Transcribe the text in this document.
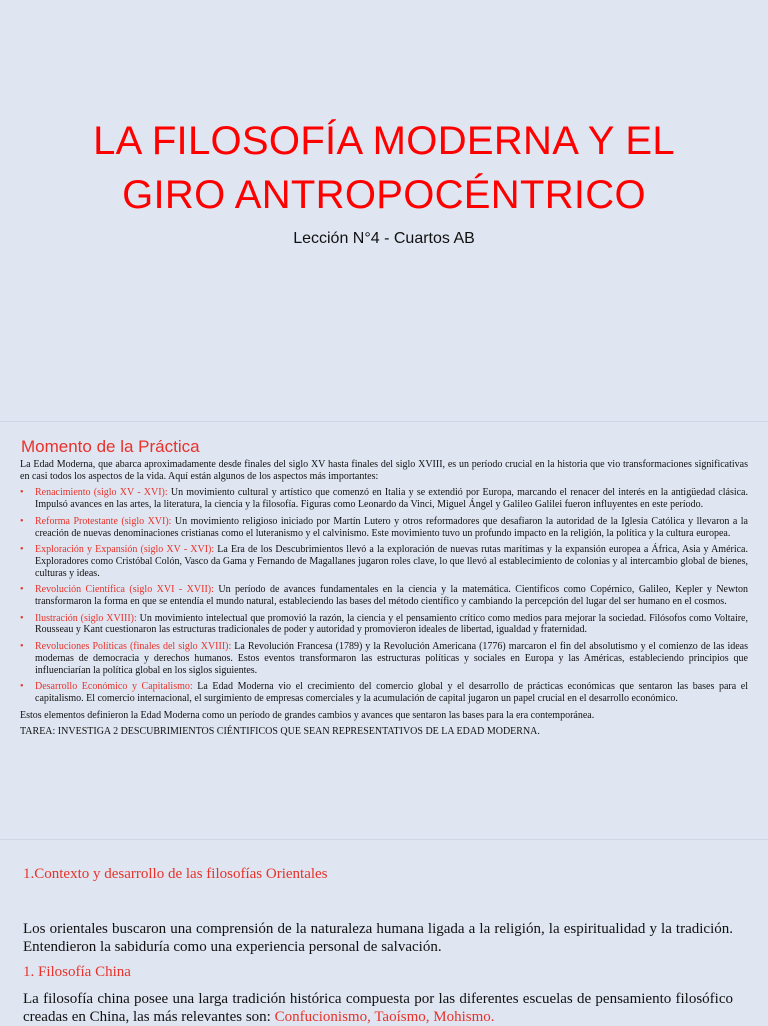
LA FILOSOFÍA MODERNA Y EL
GIRO ANTROPOCÉNTRICO
Lección N°4 - Cuartos AB
Momento de la Práctica

La Edad Moderna, que abarca aproximadamente desde finales del siglo XV hasta finales del siglo XVIII, es un período crucial en la historia que vio transformaciones significativas en casi todos los aspectos de la vida. Aquí están algunos de los aspectos más importantes:

• Renacimiento (siglo XV - XVI): Un movimiento cultural y artístico que comenzó en Italia y se extendió por Europa, marcando el renacer del interés en la antigüedad clásica. Impulsó avances en las artes, la literatura, la ciencia y la filosofía. Figuras como Leonardo da Vinci, Miguel Ángel y Galileo Galilei fueron influyentes en este período.
• Reforma Protestante (siglo XVI): Un movimiento religioso iniciado por Martín Lutero y otros reformadores que desafiaron la autoridad de la Iglesia Católica y llevaron a la creación de nuevas denominaciones cristianas como el luteranismo y el calvinismo. Este movimiento tuvo un profundo impacto en la religión, la política y la cultura europea.
• Exploración y Expansión (siglo XV - XVI): La Era de los Descubrimientos llevó a la exploración de nuevas rutas marítimas y la expansión europea a África, Asia y América. Exploradores como Cristóbal Colón, Vasco da Gama y Fernando de Magallanes jugaron roles clave, lo que llevó al establecimiento de colonias y al intercambio global de bienes, culturas y ideas.
• Revolución Científica (siglo XVI - XVII): Un período de avances fundamentales en la ciencia y la matemática. Científicos como Copérnico, Galileo, Kepler y Newton transformaron la forma en que se entendía el mundo natural, estableciendo las bases del método científico y cambiando la percepción del lugar del ser humano en el cosmos.
• Ilustración (siglo XVIII): Un movimiento intelectual que promovió la razón, la ciencia y el pensamiento crítico como medios para mejorar la sociedad. Filósofos como Voltaire, Rousseau y Kant cuestionaron las estructuras tradicionales de poder y autoridad y promovieron ideales de libertad, igualdad y fraternidad.
• Revoluciones Políticas (finales del siglo XVIII): La Revolución Francesa (1789) y la Revolución Americana (1776) marcaron el fin del absolutismo y el comienzo de las ideas modernas de democracia y derechos humanos. Estos eventos transformaron las estructuras políticas y sociales en Europa y las Américas, estableciendo principios que influenciarían la política global en los siglos siguientes.
• Desarrollo Económico y Capitalismo: La Edad Moderna vio el crecimiento del comercio global y el desarrollo de prácticas económicas que sentaron las bases para el capitalismo. El comercio internacional, el surgimiento de empresas comerciales y la acumulación de capital jugaron un papel crucial en el desarrollo económico.

Estos elementos definieron la Edad Moderna como un período de grandes cambios y avances que sentaron las bases para la era contemporánea.

TAREA: INVESTIGA 2 DESCUBRIMIENTOS CIÉNTIFICOS QUE SEAN REPRESENTATIVOS DE LA EDAD MODERNA.

1.Contexto y desarrollo de las filosofías Orientales
Los orientales buscaron una comprensión de la naturaleza humana ligada a la religión, la espiritualidad y la tradición. Entendieron la sabiduría como una experiencia personal de salvación.
1. Filosofía China
La filosofía china posee una larga tradición histórica compuesta por las diferentes escuelas de pensamiento filosófico creadas en China, las más relevantes son: Confucionismo, Taoísmo, Mohismo.
